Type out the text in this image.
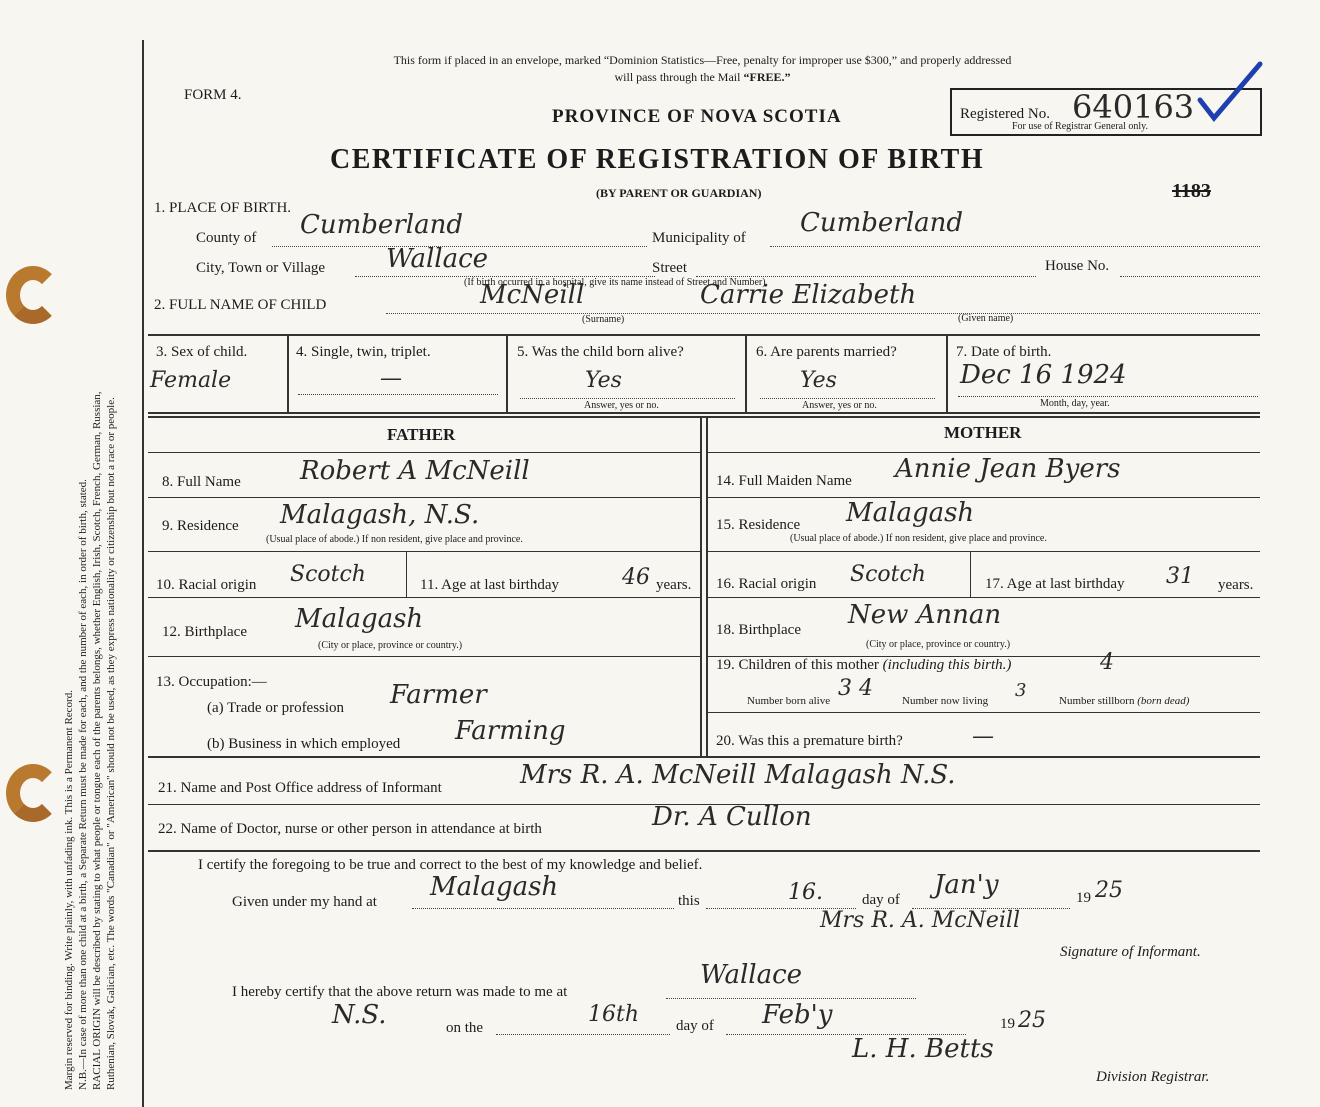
Margin reserved for binding. Write plainly, with unfading ink. This is a Permanent Record. N.B.—In case of more than one child at a birth, a Separate Return must be made for each, and the number of each, in order of birth, stated. RACIAL ORIGIN will be described by stating to what people or tongue each of the parents belongs, whether English, Irish, Scotch, French, German, Russian, Ruthenian, Slovak, Galician, etc. The words "Canadian" or "American" should not be used, as they express nationality or citizenship but not a race or people.
This form if placed in an envelope, marked “Dominion Statistics—Free, penalty for improper use $300,” and properly addressed
will pass through the Mail “FREE.”
FORM 4.
PROVINCE OF NOVA SCOTIA
CERTIFICATE OF REGISTRATION OF BIRTH
(BY PARENT OR GUARDIAN)
Registered No. 640163
For use of Registrar General only.
1183
1. PLACE OF BIRTH.
County of Cumberland	Municipality of Cumberland
City, Town or Village Wallace	Street	House No.
(If birth occurred in a hospital, give its name instead of Street and Number)
2. FULL NAME OF CHILD	McNeill	Carrie Elizabeth
(Surname)	(Given name)
3. Sex of child.
Female
4. Single, twin, triplet.
—
5. Was the child born alive?
Yes
Answer, yes or no.
6. Are parents married?
Yes
Answer, yes or no.
7. Date of birth.
Dec 16 1924
Month, day, year.
FATHER	MOTHER
8. Full Name Robert A McNeill
9. Residence Malagash, N.S.
(Usual place of abode.) If non resident, give place and province.
10. Racial origin Scotch	11. Age at last birthday	46 years.
12. Birthplace Malagash
(City or place, province or country.)
13. Occupation:—
(a) Trade or profession Farmer
(b) Business in which employed Farming
14. Full Maiden Name Annie Jean Byers
15. Residence Malagash
(Usual place of abode.) If non resident, give place and province.
16. Racial origin Scotch	17. Age at last birthday 31 years.
18. Birthplace New Annan
(City or place, province or country.)
19. Children of this mother (including this birth.)	4
Number born alive 3 4	Number now living 3	Number stillborn (born dead)
20. Was this a premature birth?	—
21. Name and Post Office address of Informant	Mrs R. A. McNeill Malagash N.S.
22. Name of Doctor, nurse or other person in attendance at birth	Dr. A Cullon
I certify the foregoing to be true and correct to the best of my knowledge and belief.
Given under my hand at Malagash	this	16.	day of Jan'y	19 25
Mrs R. A. McNeill
Signature of Informant.
I hereby certify that the above return was made to me at
Wallace
N.S.	on the
16th day of Feb'y	19 25
L. H. Betts
Division Registrar.
